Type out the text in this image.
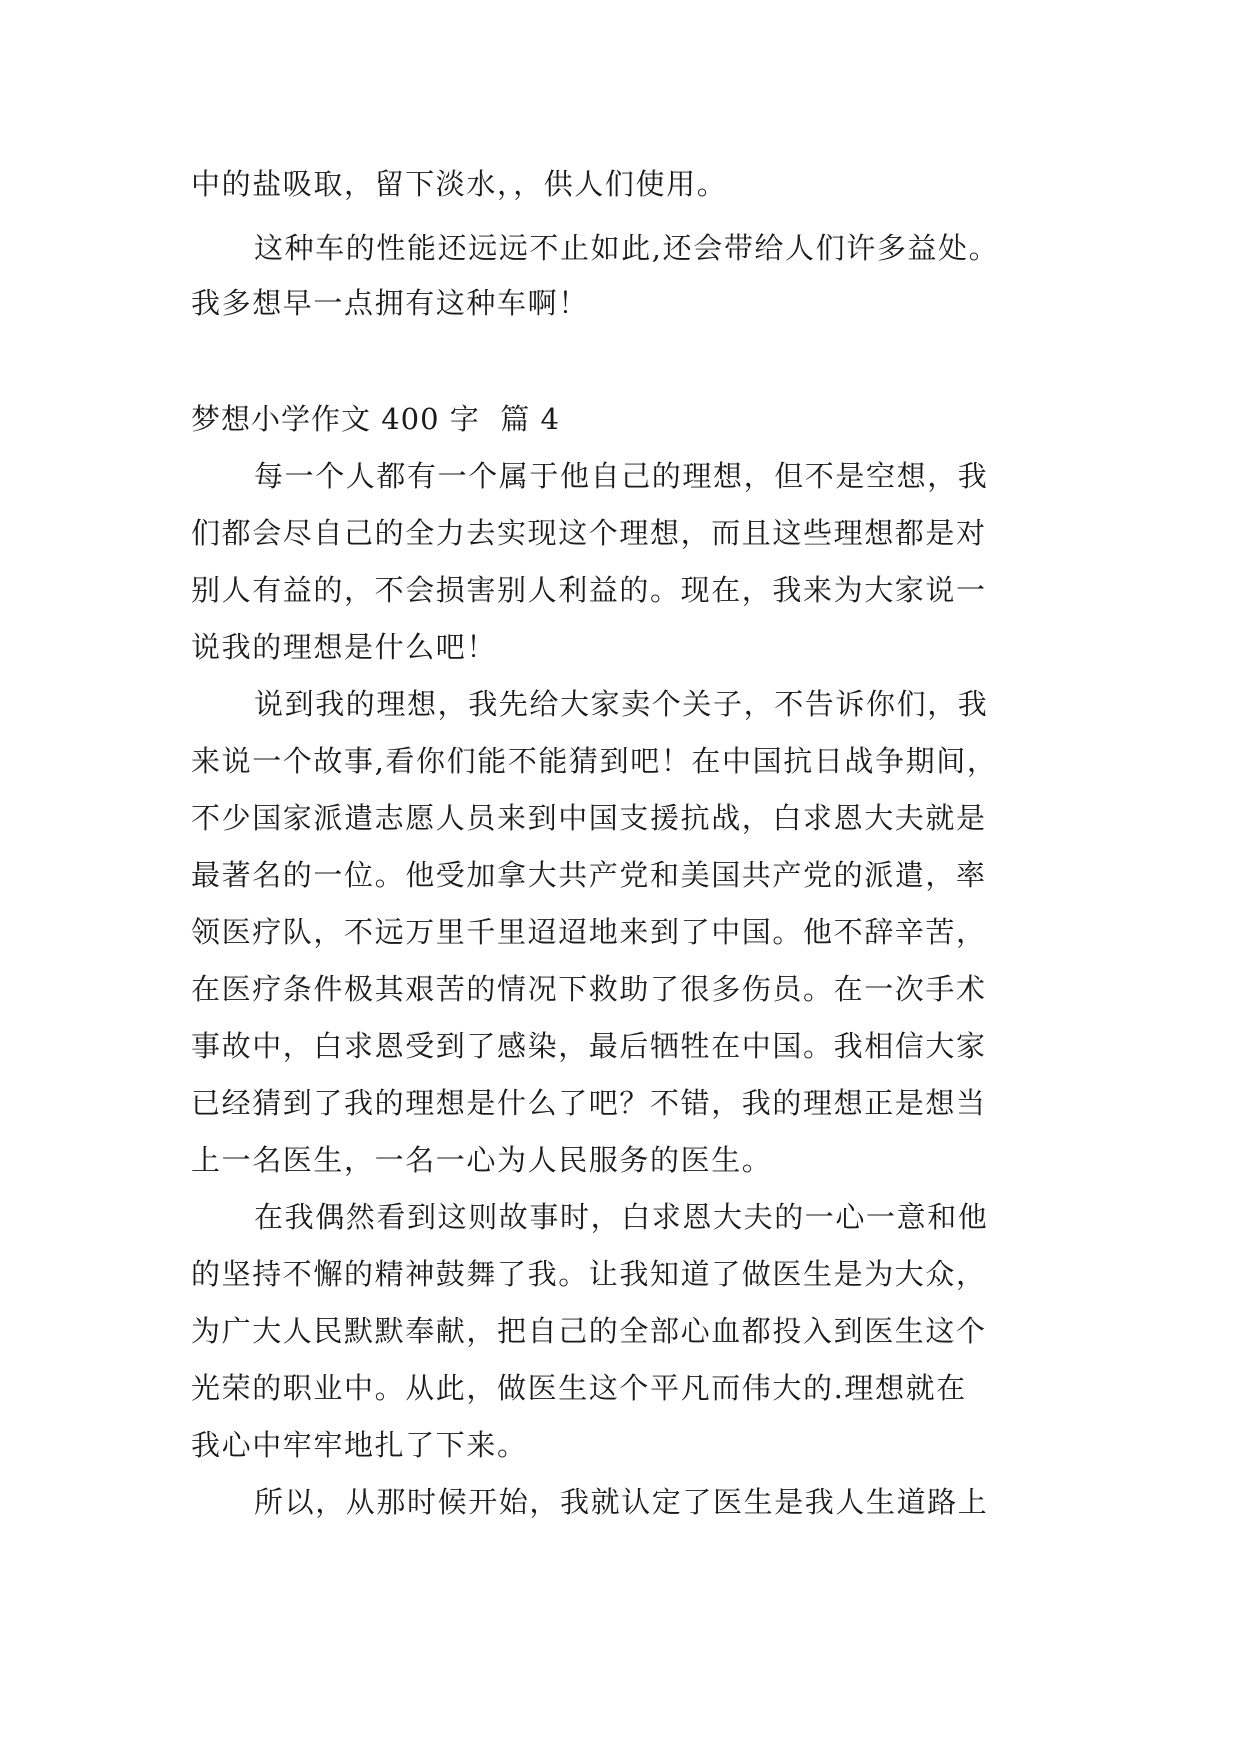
中的盐吸取，留下淡水，，供人们使用。

这种车的性能还远远不止如此,还会带给人们许多益处。

我多想早一点拥有这种车啊！

梦想小学作文 400 字  篇 4

每一个人都有一个属于他自己的理想，但不是空想，我

们都会尽自己的全力去实现这个理想，而且这些理想都是对

别人有益的，不会损害别人利益的。现在，我来为大家说一

说我的理想是什么吧！

说到我的理想，我先给大家卖个关子，不告诉你们，我

来说一个故事,看你们能不能猜到吧！在中国抗日战争期间，

不少国家派遣志愿人员来到中国支援抗战，白求恩大夫就是

最著名的一位。他受加拿大共产党和美国共产党的派遣，率

领医疗队，不远万里千里迢迢地来到了中国。他不辞辛苦，

在医疗条件极其艰苦的情况下救助了很多伤员。在一次手术

事故中，白求恩受到了感染，最后牺牲在中国。我相信大家

已经猜到了我的理想是什么了吧？不错，我的理想正是想当

上一名医生，一名一心为人民服务的医生。

在我偶然看到这则故事时，白求恩大夫的一心一意和他

的坚持不懈的精神鼓舞了我。让我知道了做医生是为大众，

为广大人民默默奉献，把自己的全部心血都投入到医生这个

光荣的职业中。从此，做医生这个平凡而伟大的.理想就在

我心中牢牢地扎了下来。

所以，从那时候开始，我就认定了医生是我人生道路上
